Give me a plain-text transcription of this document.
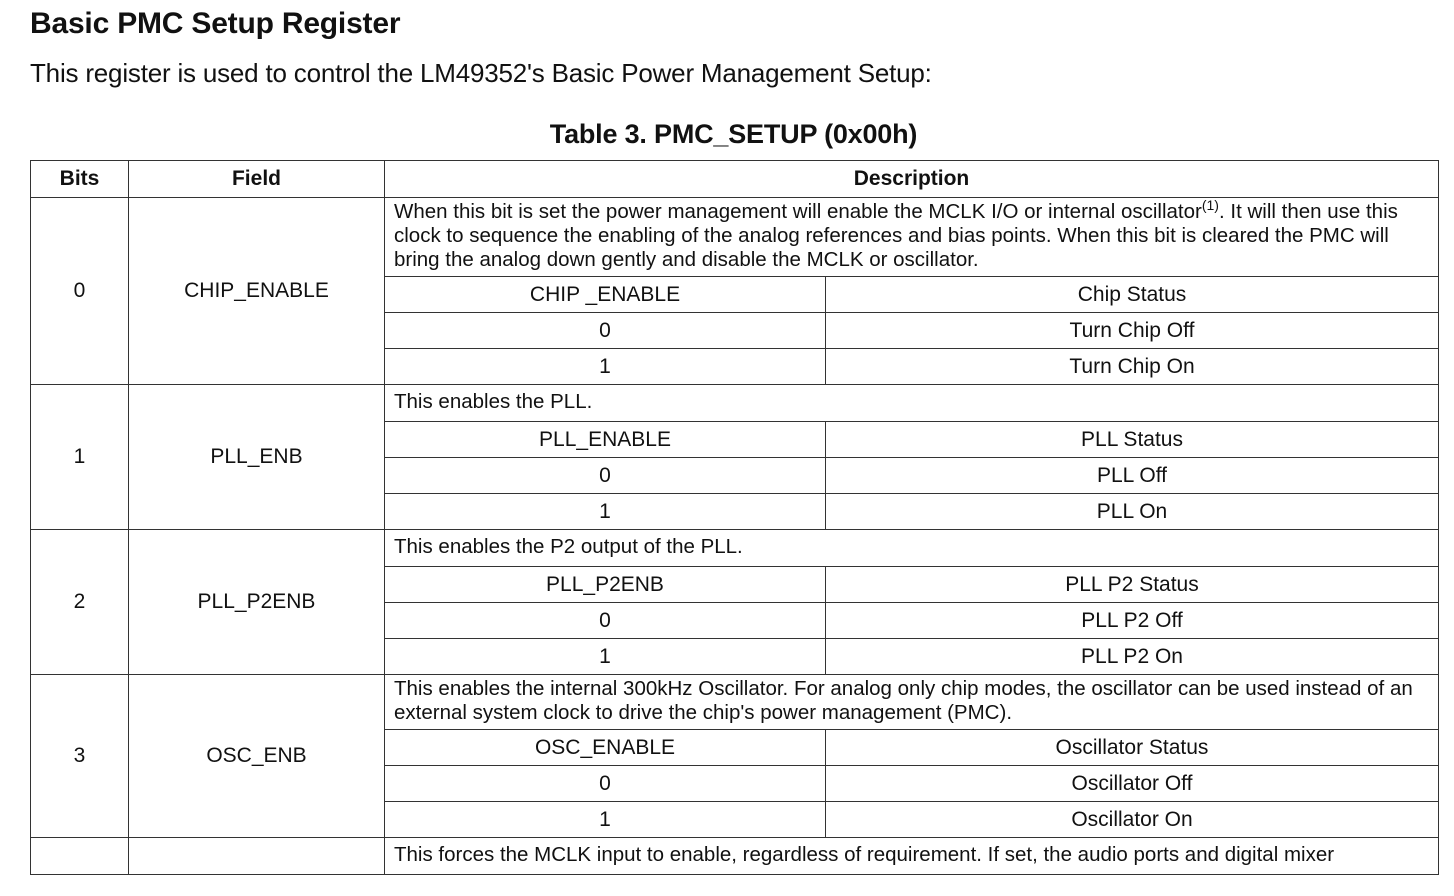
Basic PMC Setup Register

This register is used to control the LM49352's Basic Power Management Setup:

Table 3. PMC_SETUP (0x00h)
Bits	Field	Description	
0	CHIP_ENABLE	When this bit is set the power management will enable the MCLK I/O or internal oscillator$^{(1)}$. It will then use this clock to sequence the enabling of the analog references and bias points. When this bit is cleared the PMC will bring the analog down gently and disable the MCLK or oscillator.	
		CHIP _ENABLE	Chip Status
		0	Turn Chip Off
		1	Turn Chip On
1	PLL_ENB	This enables the PLL.	
		PLL_ENABLE	PLL Status
		0	PLL Off
		1	PLL On
2	PLL_P2ENB	This enables the P2 output of the PLL.	
		PLL_P2ENB	PLL P2 Status
		0	PLL P2 Off
		1	PLL P2 On
3	OSC_ENB	This enables the internal 300kHz Oscillator. For analog only chip modes, the oscillator can be used instead of an external system clock to drive the chip's power management (PMC).	
		OSC_ENABLE	Oscillator Status
		0	Oscillator Off
		1	Oscillator On
		This forces the MCLK input to enable, regardless of requirement. If set, the audio ports and digital mixer	
